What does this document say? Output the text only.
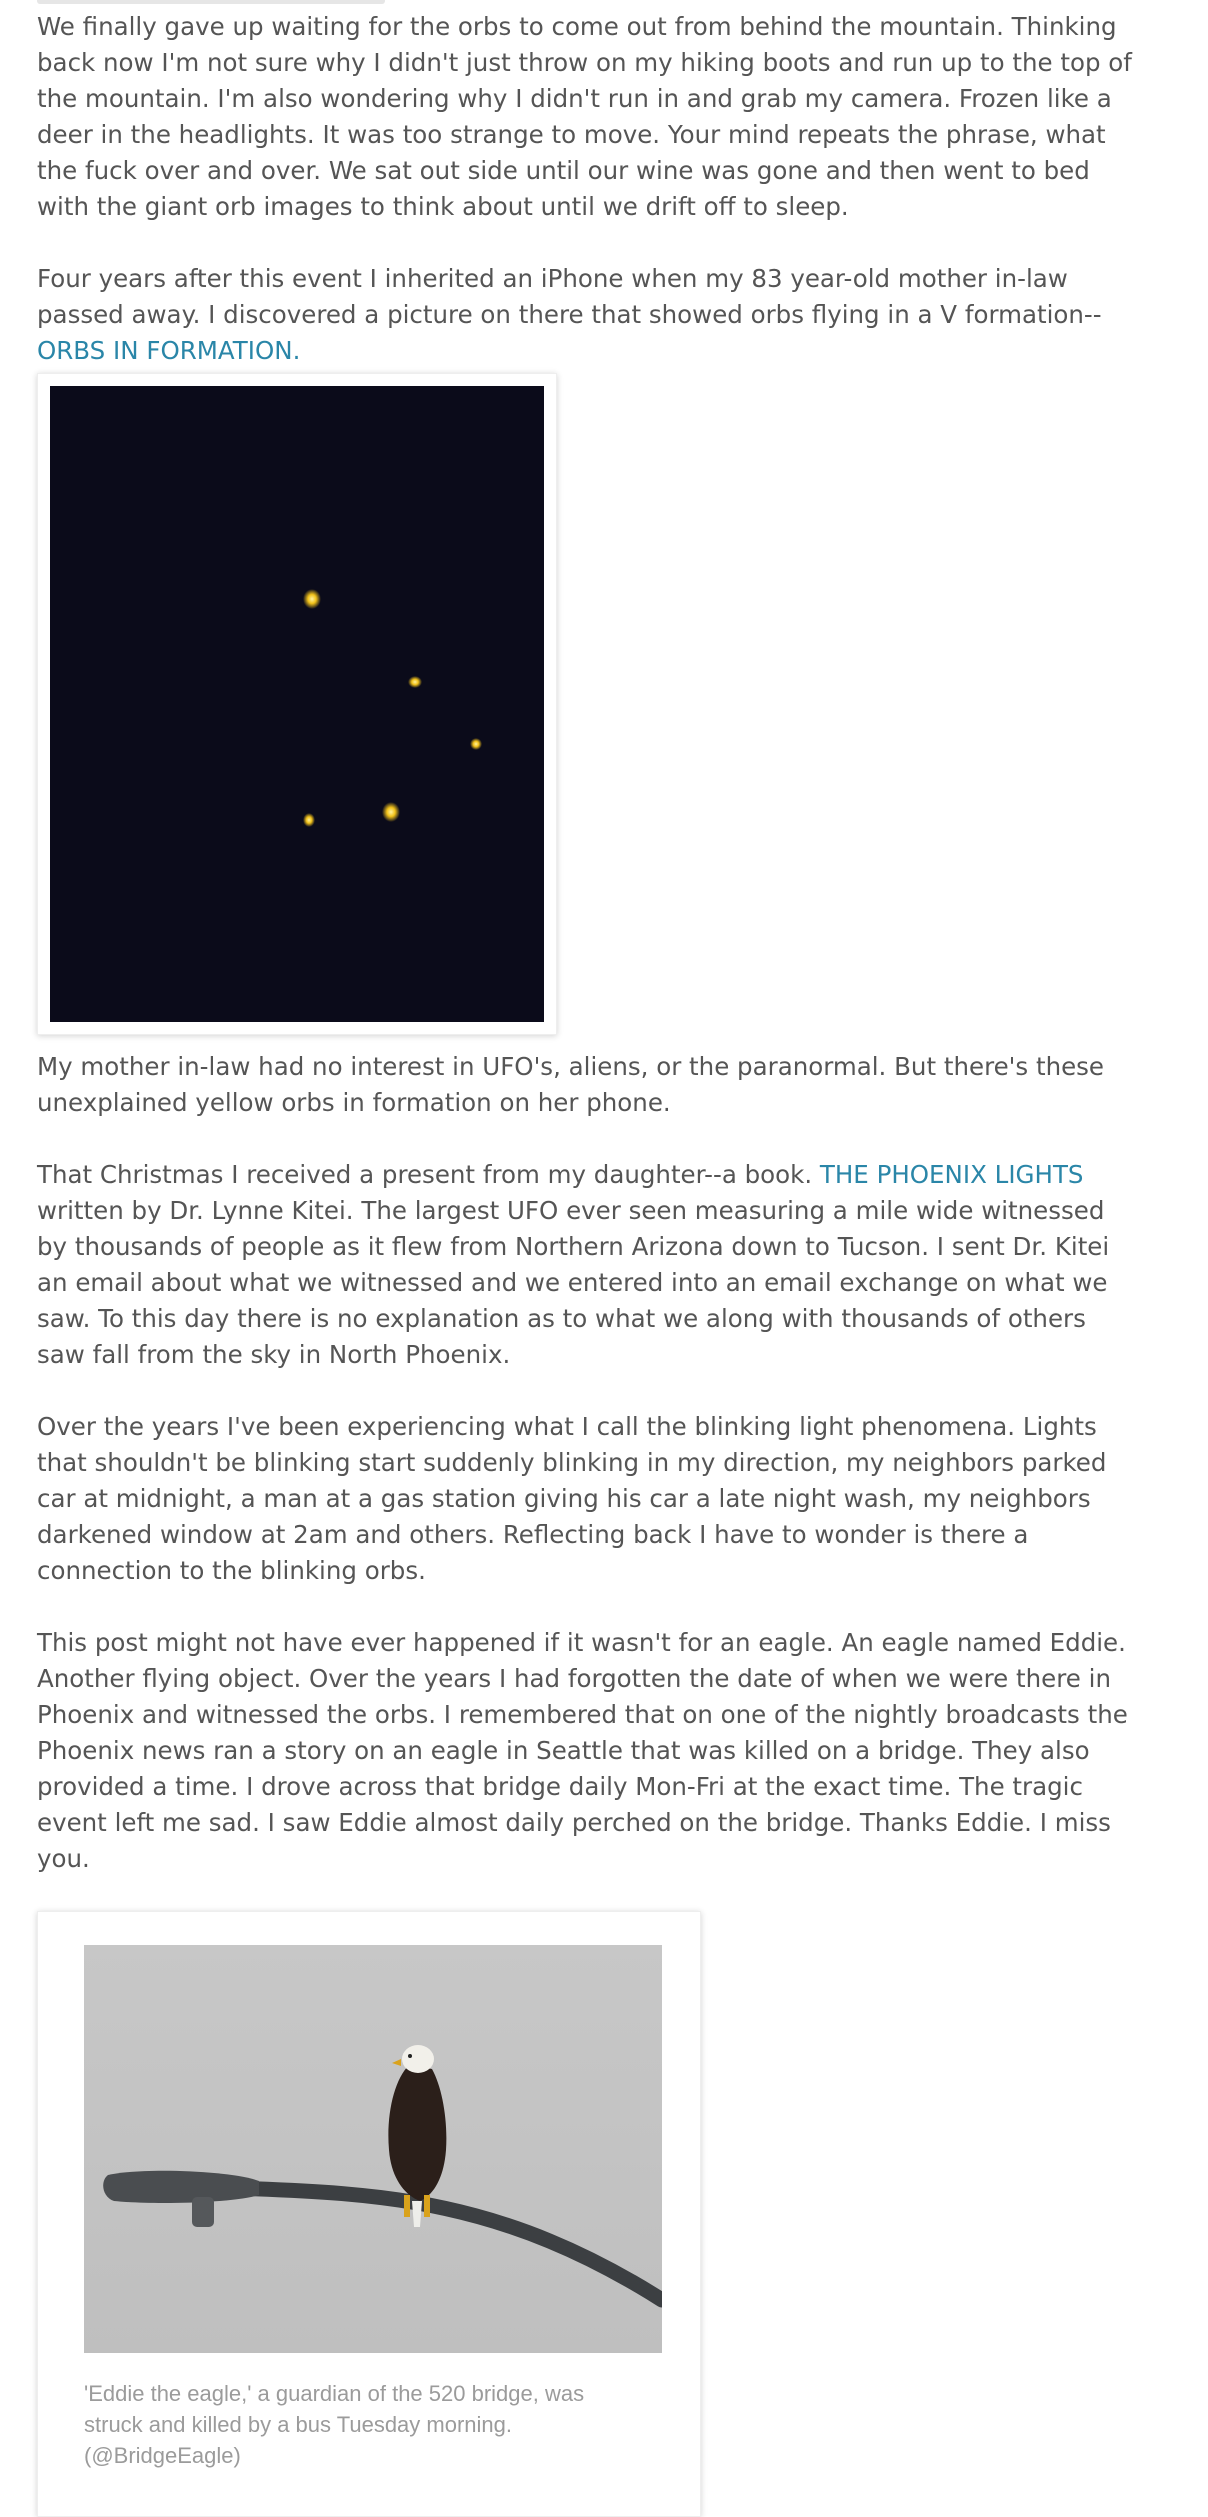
We finally gave up waiting for the orbs to come out from behind the mountain. Thinking back now I'm not sure why I didn't just throw on my hiking boots and run up to the top of the mountain. I'm also wondering why I didn't run in and grab my camera. Frozen like a deer in the headlights. It was too strange to move. Your mind repeats the phrase, what the fuck over and over. We sat out side until our wine was gone and then went to bed with the giant orb images to think about until we drift off to sleep.

Four years after this event I inherited an iPhone when my 83 year-old mother in-law passed away. I discovered a picture on there that showed orbs flying in a V formation--ORBS IN FORMATION.

My mother in-law had no interest in UFO's, aliens, or the paranormal. But there's these unexplained yellow orbs in formation on her phone.

That Christmas I received a present from my daughter--a book. THE PHOENIX LIGHTS written by Dr. Lynne Kitei. The largest UFO ever seen measuring a mile wide witnessed by thousands of people as it flew from Northern Arizona down to Tucson. I sent Dr. Kitei an email about what we witnessed and we entered into an email exchange on what we saw. To this day there is no explanation as to what we along with thousands of others saw fall from the sky in North Phoenix.

Over the years I've been experiencing what I call the blinking light phenomena. Lights that shouldn't be blinking start suddenly blinking in my direction, my neighbors parked car at midnight, a man at a gas station giving his car a late night wash, my neighbors darkened window at 2am and others. Reflecting back I have to wonder is there a connection to the blinking orbs.

This post might not have ever happened if it wasn't for an eagle. An eagle named Eddie. Another flying object. Over the years I had forgotten the date of when we were there in Phoenix and witnessed the orbs. I remembered that on one of the nightly broadcasts the Phoenix news ran a story on an eagle in Seattle that was killed on a bridge. They also provided a time. I drove across that bridge daily Mon-Fri at the exact time. The tragic event left me sad. I saw Eddie almost daily perched on the bridge. Thanks Eddie. I miss you.

'Eddie the eagle,' a guardian of the 520 bridge, was struck and killed by a bus Tuesday morning. (@BridgeEagle)
